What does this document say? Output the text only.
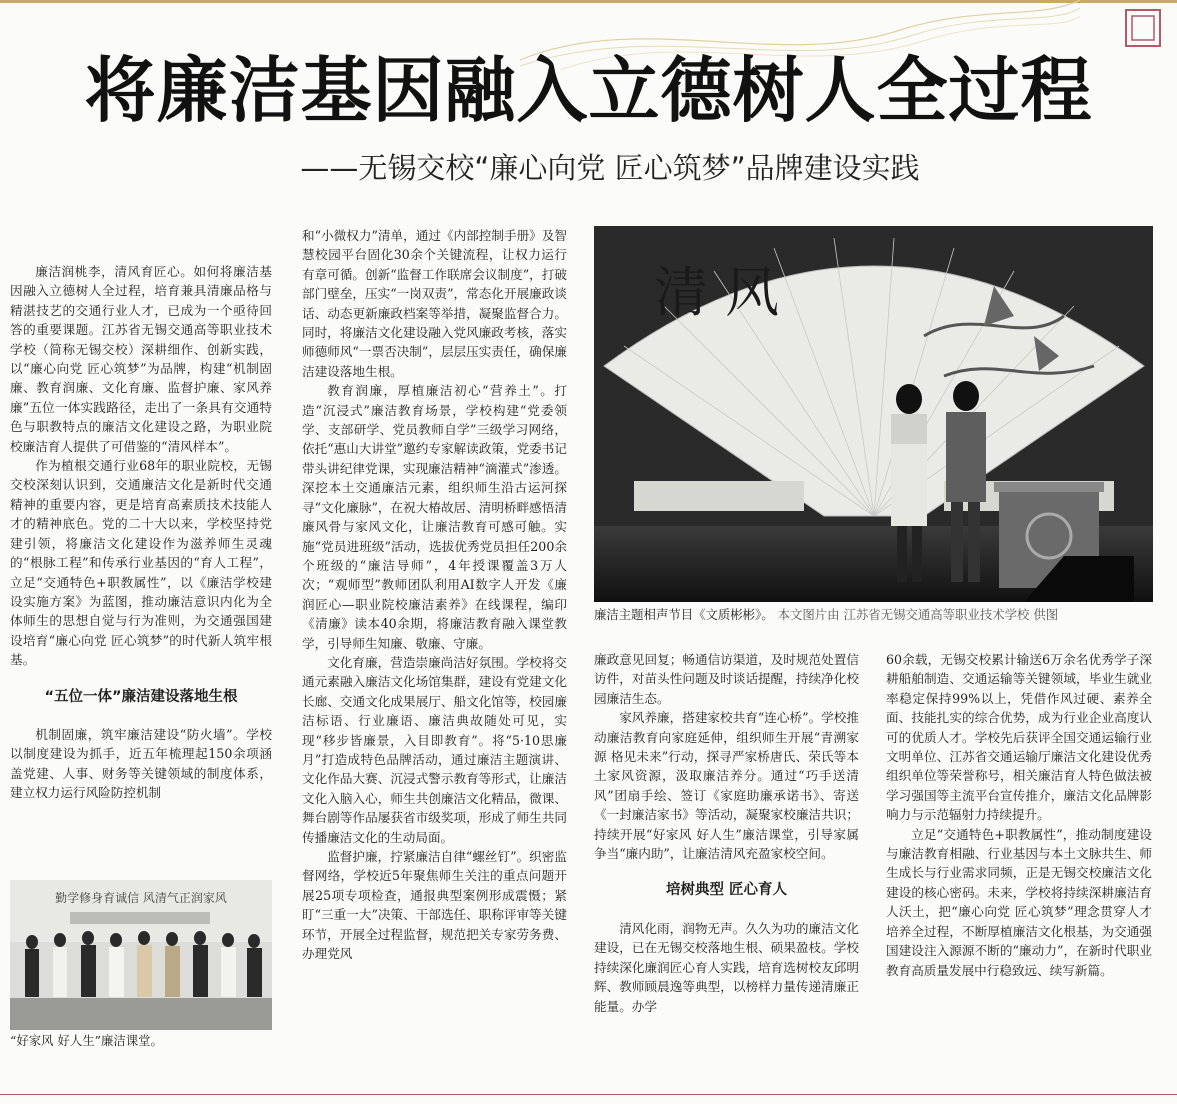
将廉洁基因融入立德树人全过程
——无锡交校“廉心向党 匠心筑梦”品牌建设实践

廉洁润桃李，清风育匠心。如何将廉洁基因融入立德树人全过程，培育兼具清廉品格与精湛技艺的交通行业人才，已成为一个亟待回答的重要课题。江苏省无锡交通高等职业技术学校（简称无锡交校）深耕细作、创新实践，以“廉心向党 匠心筑梦”为品牌，构建“机制固廉、教育润廉、文化育廉、监督护廉、家风养廉”五位一体实践路径，走出了一条具有交通特色与职教特点的廉洁文化建设之路，为职业院校廉洁育人提供了可借鉴的“清风样本”。

作为植根交通行业68年的职业院校，无锡交校深刻认识到，交通廉洁文化是新时代交通精神的重要内容，更是培育高素质技术技能人才的精神底色。党的二十大以来，学校坚持党建引领，将廉洁文化建设作为滋养师生灵魂的“根脉工程”和传承行业基因的“育人工程”，立足“交通特色+职教属性”，以《廉洁学校建设实施方案》为蓝图，推动廉洁意识内化为全体师生的思想自觉与行为准则，为交通强国建设培育“廉心向党 匠心筑梦”的时代新人筑牢根基。

“五位一体”廉洁建设落地生根

机制固廉，筑牢廉洁建设“防火墙”。学校以制度建设为抓手，近五年梳理起150余项涵盖党建、人事、财务等关键领域的制度体系，建立权力运行风险防控机制

和“小微权力”清单，通过《内部控制手册》及智慧校园平台固化30余个关键流程，让权力运行有章可循。创新“监督工作联席会议制度”，打破部门壁垒，压实“一岗双责”，常态化开展廉政谈话、动态更新廉政档案等举措，凝聚监督合力。同时，将廉洁文化建设融入党风廉政考核，落实师德师风“一票否决制”，层层压实责任，确保廉洁建设落地生根。

教育润廉，厚植廉洁初心“营养土”。打造“沉浸式”廉洁教育场景，学校构建“党委领学、支部研学、党员教师自学”三级学习网络，依托“惠山大讲堂”邀约专家解读政策，党委书记带头讲纪律党课，实现廉洁精神“滴灌式”渗透。深挖本土交通廉洁元素，组织师生沿古运河探寻“文化廉脉”，在祝大椿故居、清明桥畔感悟清廉风骨与家风文化，让廉洁教育可感可触。实施“党员进班级”活动，选拔优秀党员担任200余个班级的“廉洁导师”，4年授课覆盖3万人次；“观师型”教师团队利用AI数字人开发《廉润匠心—职业院校廉洁素养》在线课程，编印《清廉》读本40余期，将廉洁教育融入课堂教学，引导师生知廉、敬廉、守廉。

文化育廉，营造崇廉尚洁好氛围。学校将交通元素融入廉洁文化场馆集群，建设有党建文化长廊、交通文化成果展厅、船文化馆等，校园廉洁标语、行业廉语、廉洁典故随处可见，实现“移步皆廉景，入目即教育”。将“5·10思廉月”打造成特色品牌活动，通过廉洁主题演讲、文化作品大赛、沉浸式警示教育等形式，让廉洁文化入脑入心，师生共创廉洁文化精品，微课、舞台剧等作品屡获省市级奖项，形成了师生共同传播廉洁文化的生动局面。

监督护廉，拧紧廉洁自律“螺丝钉”。织密监督网络，学校近5年聚焦师生关注的重点问题开展25项专项检查，通报典型案例形成震慑；紧盯“三重一大”决策、干部选任、职称评审等关键环节，开展全过程监督，规范把关专家劳务费、办理党风

清 风
廉洁主题相声节目《文质彬彬》。 本文图片由 江苏省无锡交通高等职业技术学校 供图

廉政意见回复；畅通信访渠道，及时规范处置信访件，对苗头性问题及时谈话提醒，持续净化校园廉洁生态。

家风养廉，搭建家校共育“连心桥”。学校推动廉洁教育向家庭延伸，组织师生开展“青溯家源 格见未来”行动，探寻严家桥唐氏、荣氏等本土家风资源，汲取廉洁养分。通过“巧手送清风”团扇手绘、签订《家庭助廉承诺书》、寄送《一封廉洁家书》等活动，凝聚家校廉洁共识；持续开展“好家风 好人生”廉洁课堂，引导家属争当“廉内助”，让廉洁清风充盈家校空间。

培树典型 匠心育人

清风化雨，润物无声。久久为功的廉洁文化建设，已在无锡交校落地生根、硕果盈枝。学校持续深化廉润匠心育人实践，培育选树校友邱明辉、教师顾晨逸等典型，以榜样力量传递清廉正能量。办学

60余载，无锡交校累计输送6万余名优秀学子深耕船舶制造、交通运输等关键领域，毕业生就业率稳定保持99%以上，凭借作风过硬、素养全面、技能扎实的综合优势，成为行业企业高度认可的优质人才。学校先后获评全国交通运输行业文明单位、江苏省交通运输厅廉洁文化建设优秀组织单位等荣誉称号，相关廉洁育人特色做法被学习强国等主流平台宣传推介，廉洁文化品牌影响力与示范辐射力持续提升。

立足“交通特色+职教属性”，推动制度建设与廉洁教育相融、行业基因与本土文脉共生、师生成长与行业需求同频，正是无锡交校廉洁文化建设的核心密码。未来，学校将持续深耕廉洁育人沃土，把“廉心向党 匠心筑梦”理念贯穿人才培养全过程，不断厚植廉洁文化根基，为交通强国建设注入源源不断的“廉动力”，在新时代职业教育高质量发展中行稳致远、续写新篇。

勤学修身育诚信 风清气正润家风
“好家风 好人生”廉洁课堂。
